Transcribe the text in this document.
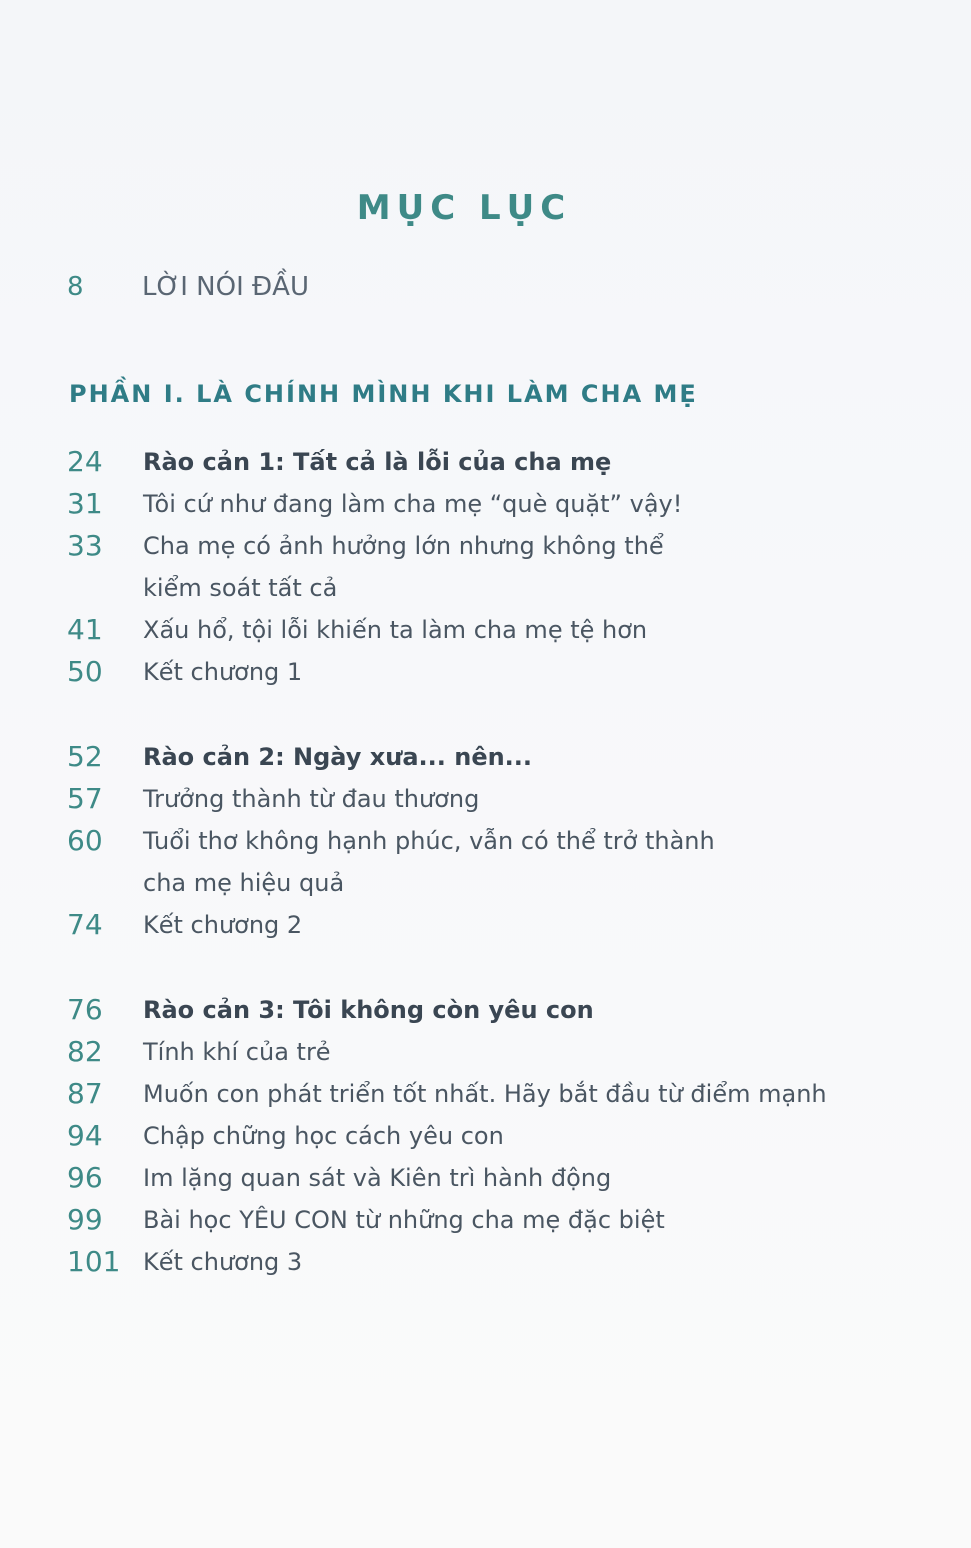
MỤC LỤC
8 LỜI NÓI ĐẦU
PHẦN I. LÀ CHÍNH MÌNH KHI LÀM CHA MẸ
24	Rào cản 1: Tất cả là lỗi của cha mẹ
31	Tôi cứ như đang làm cha mẹ “què quặt” vậy!
33	Cha mẹ có ảnh hưởng lớn nhưng không thể
kiểm soát tất cả
41	Xấu hổ, tội lỗi khiến ta làm cha mẹ tệ hơn
50	Kết chương 1
52	Rào cản 2: Ngày xưa... nên...
57	Trưởng thành từ đau thương
60	Tuổi thơ không hạnh phúc, vẫn có thể trở thành
cha mẹ hiệu quả
74	Kết chương 2
76	Rào cản 3: Tôi không còn yêu con
82	Tính khí của trẻ
87	Muốn con phát triển tốt nhất. Hãy bắt đầu từ điểm mạnh
94	Chập chững học cách yêu con
96	Im lặng quan sát và Kiên trì hành động
99	Bài học YÊU CON từ những cha mẹ đặc biệt
101 Kết chương 3
